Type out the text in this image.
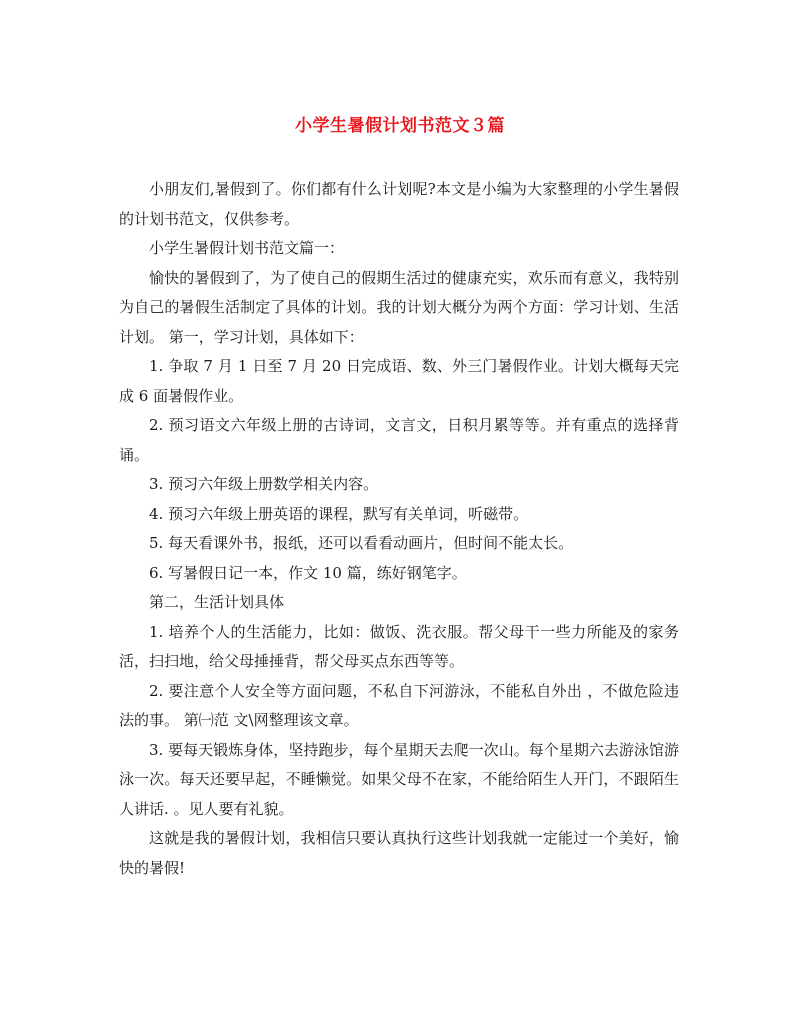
小学生暑假计划书范文３篇

小朋友们,暑假到了。你们都有什么计划呢?本文是小编为大家整理的小学生暑假的计划书范文，仅供参考。

小学生暑假计划书范文篇一：

愉快的暑假到了，为了使自己的假期生活过的健康充实，欢乐而有意义，我特别为自己的暑假生活制定了具体的计划。我的计划大概分为两个方面：学习计划、生活计划。 第一，学习计划，具体如下：

1. 争取 7 月 1 日至 7 月 20 日完成语、数、外三门暑假作业。计划大概每天完成 6 面暑假作业。

2. 预习语文六年级上册的古诗词，文言文，日积月累等等。并有重点的选择背诵。

3. 预习六年级上册数学相关内容。

4. 预习六年级上册英语的课程，默写有关单词，听磁带。

5. 每天看课外书，报纸，还可以看看动画片，但时间不能太长。

6. 写暑假日记一本，作文 10 篇，练好钢笔字。

第二，生活计划具体

1. 培养个人的生活能力，比如：做饭、洗衣服。帮父母干一些力所能及的家务活，扫扫地，给父母捶捶背，帮父母买点东西等等。

2. 要注意个人安全等方面问题，不私自下河游泳，不能私自外出 ，不做危险违法的事。 第㈠范 文\网整理该文章。

3. 要每天锻炼身体，坚持跑步，每个星期天去爬一次山。每个星期六去游泳馆游泳一次。每天还要早起，不睡懒觉。如果父母不在家，不能给陌生人开门，不跟陌生人讲话. 。见人要有礼貌。

这就是我的暑假计划，我相信只要认真执行这些计划我就一定能过一个美好，愉快的暑假!
